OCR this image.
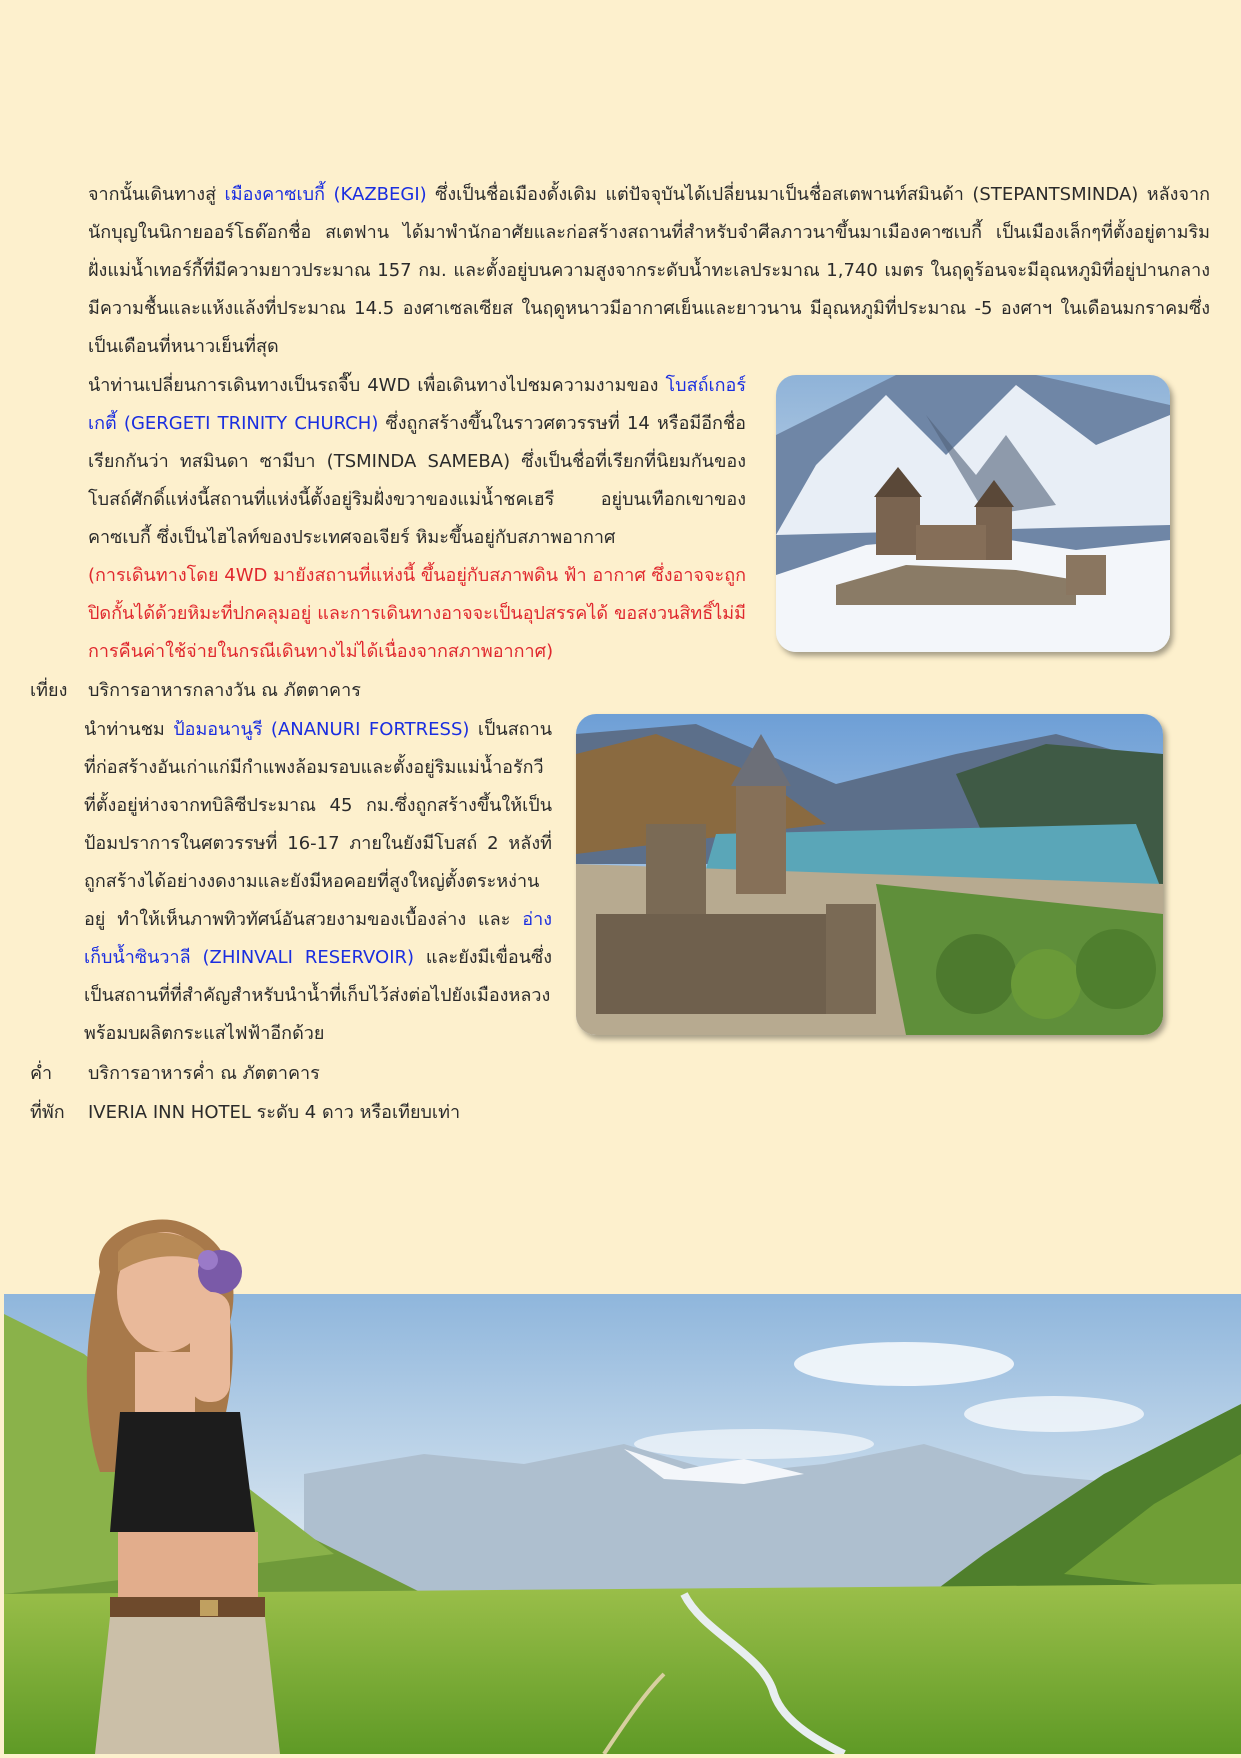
จากนั้นเดินทางสู่ เมืองคาซเบกี้ (KAZBEGI) ซึ่งเป็นชื่อเมืองดั้งเดิม แต่ปัจจุบันได้เปลี่ยนมาเป็นชื่อสเตพานท์สมินด้า (STEPANTSMINDA) หลังจาก นักบุญในนิกายออร์โธด๊อกชื่อ สเตฟาน ได้มาพำนักอาศัยและก่อสร้างสถานที่สำหรับจำศีลภาวนาขึ้นมาเมืองคาซเบกี้ เป็นเมืองเล็กๆที่ตั้งอยู่ตามริม ฝั่งแม่น้ำเทอร์กี้ที่มีความยาวประมาณ 157 กม. และตั้งอยู่บนความสูงจากระดับน้ำทะเลประมาณ 1,740 เมตร ในฤดูร้อนจะมีอุณหภูมิที่อยู่ปานกลางมีความชื้นและแห้งแล้งที่ประมาณ 14.5 องศาเซลเซียส ในฤดูหนาวมีอากาศเย็นและยาวนาน มีอุณหภูมิที่ประมาณ -5 องศาฯ ในเดือนมกราคมซึ่งเป็นเดือนที่หนาวเย็นที่สุด

นำท่านเปลี่ยนการเดินทางเป็นรถจี๊บ 4WD เพื่อเดินทางไปชมความงามของ โบสถ์เกอร์เกตี้ (GERGETI TRINITY CHURCH) ซึ่งถูกสร้างขึ้นในราวศตวรรษที่ 14 หรือมีอีกชื่อเรียกกันว่า ทสมินดา ซามีบา (TSMINDA SAMEBA) ซึ่งเป็นชื่อที่เรียกที่นิยมกันของโบสถ์ศักดิ์แห่งนี้สถานที่แห่งนี้ตั้งอยู่ริมฝั่งขวาของแม่น้ำชคเฮรี อยู่บนเทือกเขาของคาซเบกี้ ซึ่งเป็นไฮไลท์ของประเทศจอเจียร์ หิมะขึ้นอยู่กับสภาพอากาศ
(การเดินทางโดย 4WD มายังสถานที่แห่งนี้ ขึ้นอยู่กับสภาพดิน ฟ้า อากาศ ซึ่งอาจจะถูกปิดกั้นได้ด้วยหิมะที่ปกคลุมอยู่ และการเดินทางอาจจะเป็นอุปสรรคได้ ขอสงวนสิทธิ์ไม่มีการคืนค่าใช้จ่ายในกรณีเดินทางไม่ได้เนื่องจากสภาพอากาศ)

เที่ยง บริการอาหารกลางวัน ณ ภัตตาคาร

นำท่านชม ป้อมอนานูรี (ANANURI FORTRESS) เป็นสถานที่ก่อสร้างอันเก่าแก่มีกำแพงล้อมรอบและตั้งอยู่ริมแม่น้ำอรักวี ที่ตั้งอยู่ห่างจากทบิลิซีประมาณ 45 กม.ซึ่งถูกสร้างขึ้นให้เป็นป้อมปราการในศตวรรษที่ 16-17 ภายในยังมีโบสถ์ 2 หลังที่ถูกสร้างได้อย่างงดงามและยังมีหอคอยที่สูงใหญ่ตั้งตระหง่านอยู่ ทำให้เห็นภาพทิวทัศน์อันสวยงามของเบื้องล่าง และ อ่างเก็บน้ำซินวาลี (ZHINVALI RESERVOIR) และยังมีเขื่อนซึ่งเป็นสถานที่ที่สำคัญสำหรับนำน้ำที่เก็บไว้ส่งต่อไปยังเมืองหลวง พร้อมบผลิตกระแสไฟฟ้าอีกด้วย

ค่ำ บริการอาหารค่ำ ณ ภัตตาคาร
ที่พัก IVERIA INN HOTEL ระดับ 4 ดาว หรือเทียบเท่า
